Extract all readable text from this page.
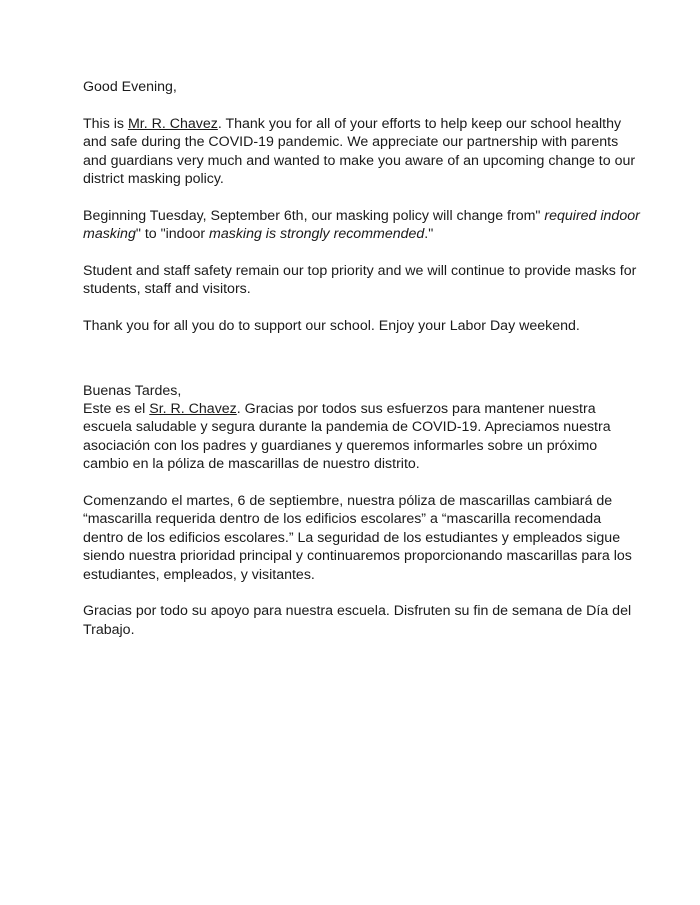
Good Evening,

This is Mr. R. Chavez. Thank you for all of your efforts to help keep our school healthy and safe during the COVID-19 pandemic. We appreciate our partnership with parents and guardians very much and wanted to make you aware of an upcoming change to our district masking policy.

Beginning Tuesday, September 6th, our masking policy will change from" required indoor masking" to "indoor masking is strongly recommended."

Student and staff safety remain our top priority and we will continue to provide masks for students, staff and visitors.

Thank you for all you do to support our school. Enjoy your Labor Day weekend.

Buenas Tardes,

Este es el Sr. R. Chavez. Gracias por todos sus esfuerzos para mantener nuestra escuela saludable y segura durante la pandemia de COVID-19. Apreciamos nuestra asociación con los padres y guardianes y queremos informarles sobre un próximo cambio en la póliza de mascarillas de nuestro distrito.

Comenzando el martes, 6 de septiembre, nuestra póliza de mascarillas cambiará de “mascarilla requerida dentro de los edificios escolares” a “mascarilla recomendada dentro de los edificios escolares.” La seguridad de los estudiantes y empleados sigue siendo nuestra prioridad principal y continuaremos proporcionando mascarillas para los estudiantes, empleados, y visitantes.

Gracias por todo su apoyo para nuestra escuela. Disfruten su fin de semana de Día del Trabajo.
